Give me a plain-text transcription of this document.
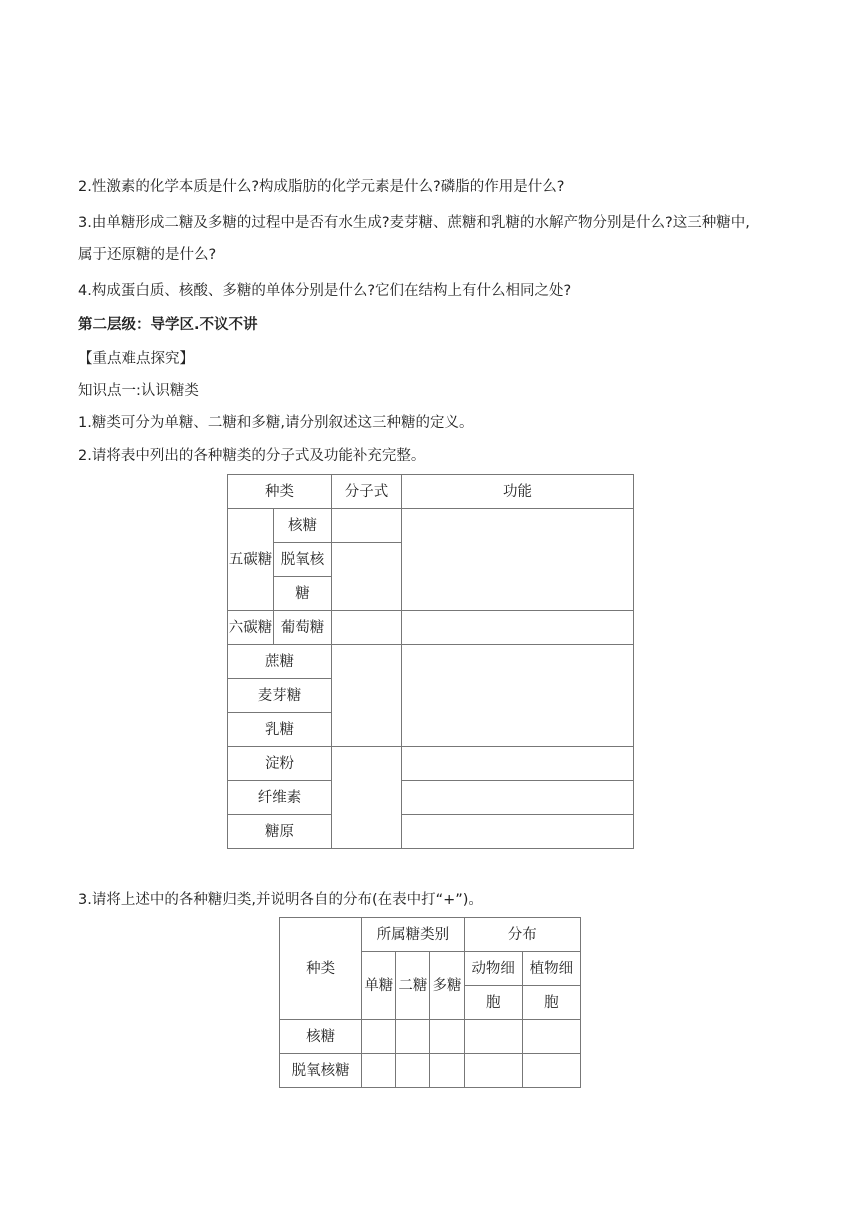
2.性激素的化学本质是什么?构成脂肪的化学元素是什么?磷脂的作用是什么?
3.由单糖形成二糖及多糖的过程中是否有水生成?麦芽糖、蔗糖和乳糖的水解产物分别是什么?这三种糖中,
属于还原糖的是什么?
4.构成蛋白质、核酸、多糖的单体分别是什么?它们在结构上有什么相同之处?
第二层级：导学区.不议不讲
【重点难点探究】
知识点一:认识糖类
1.糖类可分为单糖、二糖和多糖,请分别叙述这三种糖的定义。
2.请将表中列出的各种糖类的分子式及功能补充完整。
种类		分子式	功能
五碳糖	核糖		
	脱氧核		
	糖		
六碳糖	葡萄糖		
蔗糖			
麦芽糖			
乳糖			
淀粉			
纤维素			
糖原			
3.请将上述中的各种糖归类,并说明各自的分布(在表中打“+”)。
种类	所属糖类别			分布	
	单糖	二糖	多糖	动物细	植物细
				胞	胞
核糖					
脱氧核糖					
